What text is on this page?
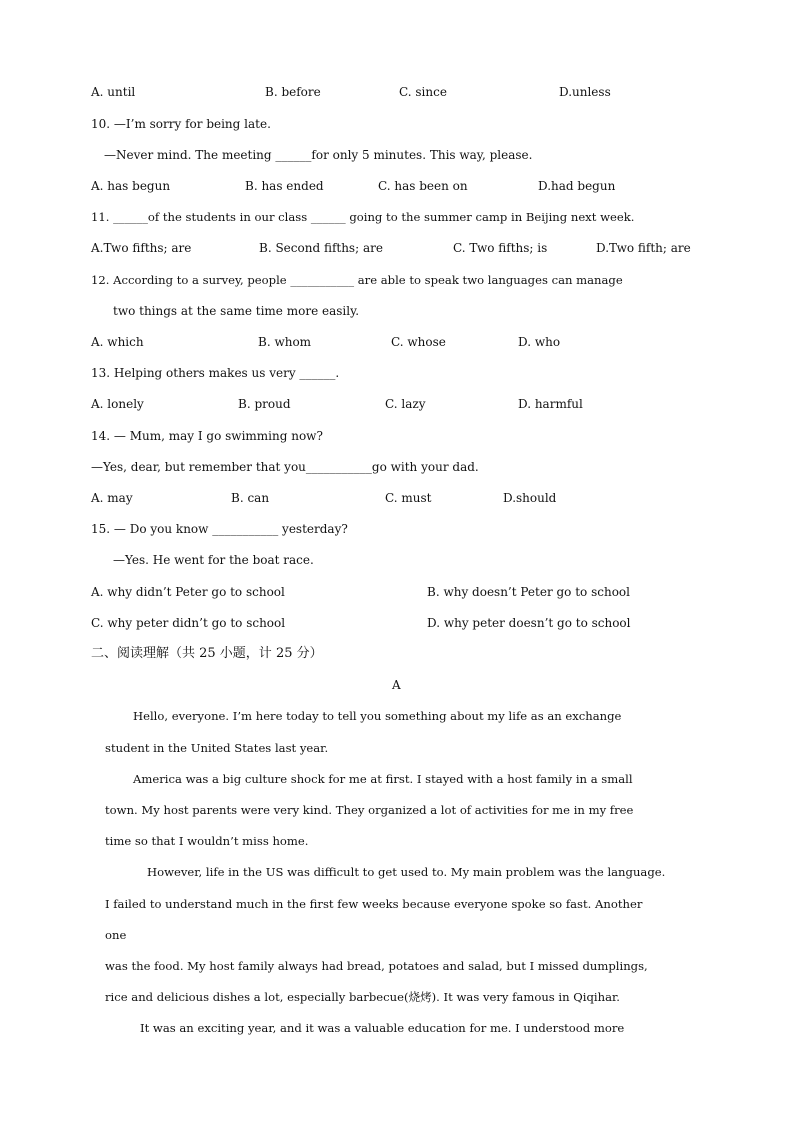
A. until	B. before	C. since	D.unless
10. —I’m sorry for being late.
—Never mind. The meeting ______for only 5 minutes. This way, please.
A. has begun	B. has ended	C. has been on	D.had begun
11. ______of the students in our class ______ going to the summer camp in Beijing next week.
A.Two fifths; are	B. Second fifths; are	C. Two fifths; is	D.Two fifth; are
12. According to a survey, people ___________ are able to speak two languages can manage
two things at the same time more easily.
A. which	B. whom	C. whose	D. who
13. Helping others makes us very ______.
A. lonely	B. proud	C. lazy	D. harmful
14. — Mum, may I go swimming now?
—Yes, dear, but remember that you___________go with your dad.
A. may	B. can	C. must	D.should
15. — Do you know ___________ yesterday?
—Yes. He went for the boat race.
A. why didn’t Peter go to school	B. why doesn’t Peter go to school
C. why peter didn’t go to school	D. why peter doesn’t go to school
二、阅读理解（共 25 小题，计 25 分）
A
Hello, everyone. I’m here today to tell you something about my life as an exchange
student in the United States last year.
America was a big culture shock for me at first. I stayed with a host family in a small
town. My host parents were very kind. They organized a lot of activities for me in my free
time so that I wouldn’t miss home.
However, life in the US was difficult to get used to. My main problem was the language.
I failed to understand much in the first few weeks because everyone spoke so fast. Another
one
was the food. My host family always had bread, potatoes and salad, but I missed dumplings,
rice and delicious dishes a lot, especially barbecue(烧烤). It was very famous in Qiqihar.
It was an exciting year, and it was a valuable education for me. I understood more
